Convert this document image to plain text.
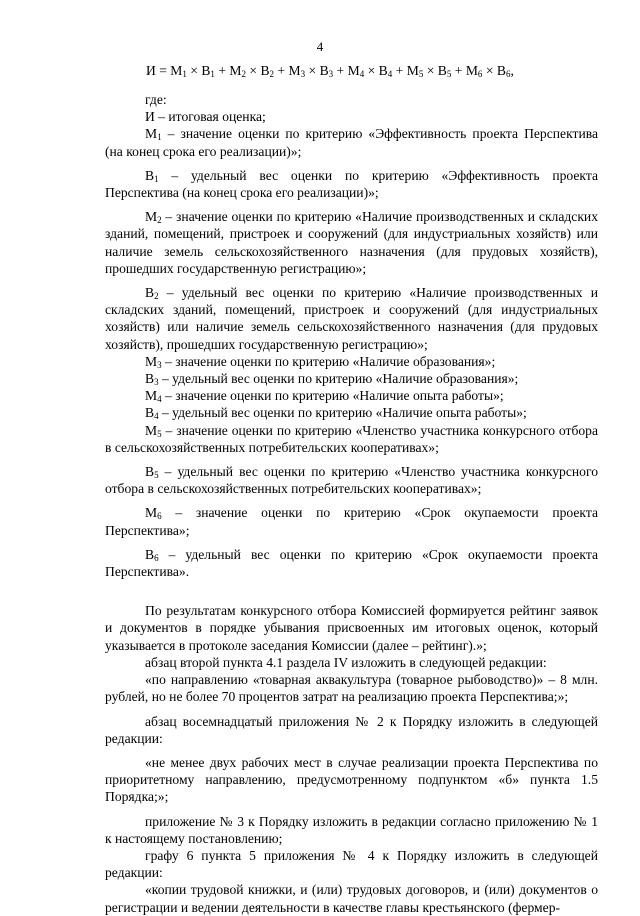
4
$И = М_1 \times В_1 + М_2 \times В_2 + М_3 \times В_3 + М_4 \times В_4 + М_5 \times В_5 + М_6 \times В_6$,

где:

И – итоговая оценка;

$М_1$ – значение оценки по критерию «Эффективность проекта Перспектива (на конец срока его реализации)»;

$В_1$ – удельный вес оценки по критерию «Эффективность проекта Перспектива (на конец срока его реализации)»;

$М_2$ – значение оценки по критерию «Наличие производственных и складских зданий, помещений, пристроек и сооружений (для индустриальных хозяйств) или наличие земель сельскохозяйственного назначения (для прудовых хозяйств), прошедших государственную регистрацию»;

$В_2$ – удельный вес оценки по критерию «Наличие производственных и складских зданий, помещений, пристроек и сооружений (для индустриальных хозяйств) или наличие земель сельскохозяйственного назначения (для прудовых хозяйств), прошедших государственную регистрацию»;

$М_3$ – значение оценки по критерию «Наличие образования»;

$В_3$ – удельный вес оценки по критерию «Наличие образования»;

$М_4$ – значение оценки по критерию «Наличие опыта работы»;

$В_4$ – удельный вес оценки по критерию «Наличие опыта работы»;

$М_5$ – значение оценки по критерию «Членство участника конкурсного отбора в сельскохозяйственных потребительских кооперативах»;

$В_5$ – удельный вес оценки по критерию «Членство участника конкурсного отбора в сельскохозяйственных потребительских кооперативах»;

$М_6$ – значение оценки по критерию «Срок окупаемости проекта Перспектива»;

$В_6$ – удельный вес оценки по критерию «Срок окупаемости проекта Перспектива».

По результатам конкурсного отбора Комиссией формируется рейтинг заявок и документов в порядке убывания присвоенных им итоговых оценок, который указывается в протоколе заседания Комиссии (далее – рейтинг).»;

абзац второй пункта 4.1 раздела IV изложить в следующей редакции:

«по направлению «товарная аквакультура (товарное рыбоводство)» – 8 млн. рублей, но не более 70 процентов затрат на реализацию проекта Перспектива;»;

абзац восемнадцатый приложения № 2 к Порядку изложить в следующей редакции:

«не менее двух рабочих мест в случае реализации проекта Перспектива по приоритетному направлению, предусмотренному подпунктом «б» пункта 1.5 Порядка;»;

приложение № 3 к Порядку изложить в редакции согласно приложению № 1 к настоящему постановлению;

графу 6 пункта 5 приложения № 4 к Порядку изложить в следующей редакции:

«копии трудовой книжки, и (или) трудовых договоров, и (или) документов о регистрации и ведении деятельности в качестве главы крестьянского (фермер-
